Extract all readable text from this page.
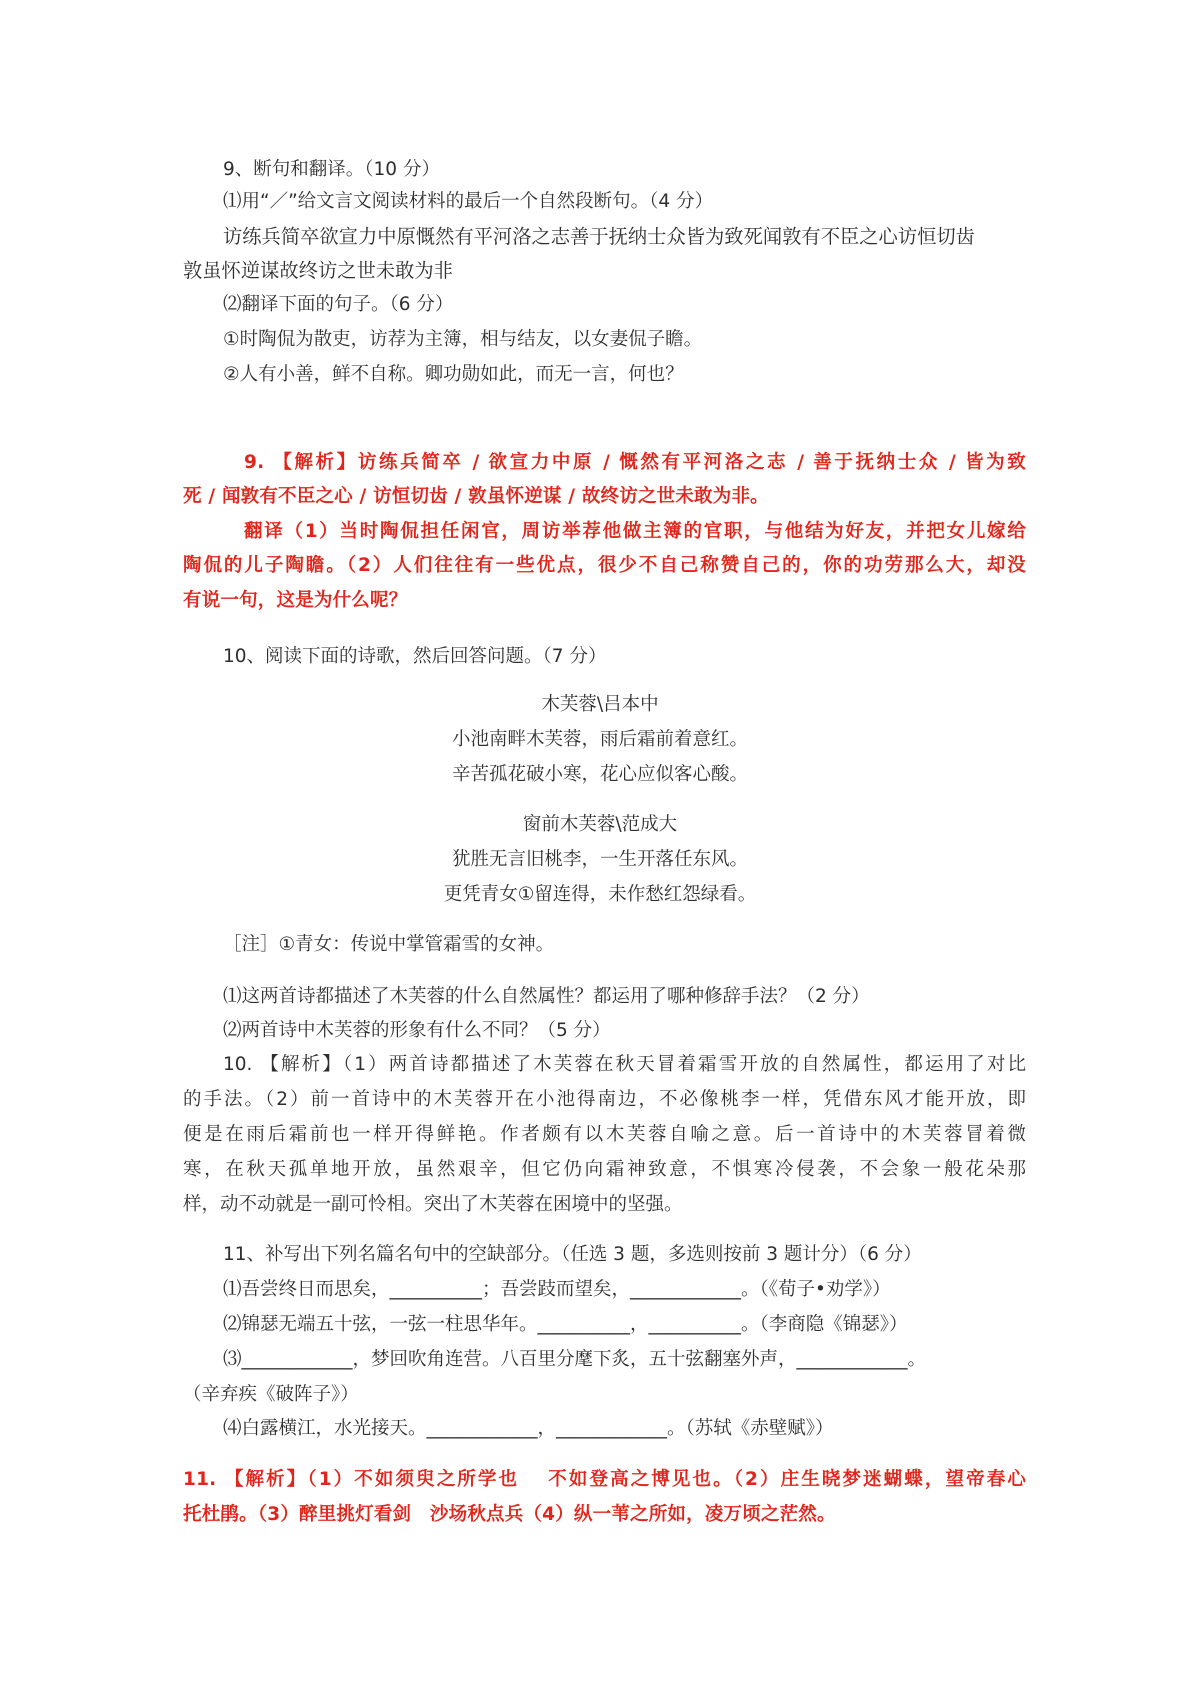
9、断句和翻译。（10 分）
⑴用“／”给文言文阅读材料的最后一个自然段断句。（4 分）
访练兵简卒欲宣力中原慨然有平河洛之志善于抚纳士众皆为致死闻敦有不臣之心访恒切齿
敦虽怀逆谋故终访之世未敢为非
⑵翻译下面的句子。（6 分）
①时陶侃为散吏，访荐为主簿，相与结友，以女妻侃子瞻。
②人有小善，鲜不自称。卿功勋如此，而无一言，何也？
9. 【解析】访练兵简卒 / 欲宣力中原 / 慨然有平河洛之志 / 善于抚纳士众 / 皆为致
死 / 闻敦有不臣之心 / 访恒切齿 / 敦虽怀逆谋 / 故终访之世未敢为非。
翻译（1）当时陶侃担任闲官，周访举荐他做主簿的官职，与他结为好友，并把女儿嫁给
陶侃的儿子陶瞻。（2）人们往往有一些优点，很少不自己称赞自己的，你的功劳那么大，却没
有说一句，这是为什么呢？
10、阅读下面的诗歌，然后回答问题。（7 分）
木芙蓉\吕本中
小池南畔木芙蓉，雨后霜前着意红。
辛苦孤花破小寒，花心应似客心酸。
窗前木芙蓉\范成大
犹胜无言旧桃李，一生开落任东风。
更凭青女①留连得，未作愁红怨绿看。
［注］①青女：传说中掌管霜雪的女神。
⑴这两首诗都描述了木芙蓉的什么自然属性？都运用了哪种修辞手法？（2 分）
⑵两首诗中木芙蓉的形象有什么不同？（5 分）
10. 【解析】（1）两首诗都描述了木芙蓉在秋天冒着霜雪开放的自然属性，都运用了对比
的手法。（2）前一首诗中的木芙蓉开在小池得南边，不必像桃李一样，凭借东风才能开放，即
便是在雨后霜前也一样开得鲜艳。作者颇有以木芙蓉自喻之意。后一首诗中的木芙蓉冒着微
寒，在秋天孤单地开放，虽然艰辛，但它仍向霜神致意，不惧寒冷侵袭，不会象一般花朵那
样，动不动就是一副可怜相。突出了木芙蓉在困境中的坚强。
11、补写出下列名篇名句中的空缺部分。（任选 3 题，多选则按前 3 题计分）（6 分）
⑴吾尝终日而思矣，__________；吾尝跂而望矣，____________。（《荀子•劝学》）
⑵锦瑟无端五十弦，一弦一柱思华年。__________，__________。（李商隐《锦瑟》）
⑶____________，梦回吹角连营。八百里分麾下炙，五十弦翻塞外声，____________。
（辛弃疾《破阵子》）
⑷白露横江，水光接天。____________，____________。（苏轼《赤壁赋》）
11. 【解析】（1）不如须臾之所学也　 不如登高之博见也。（2）庄生晓梦迷蝴蝶，望帝春心
托杜鹃。（3）醉里挑灯看剑　沙场秋点兵（4）纵一苇之所如，凌万顷之茫然。
